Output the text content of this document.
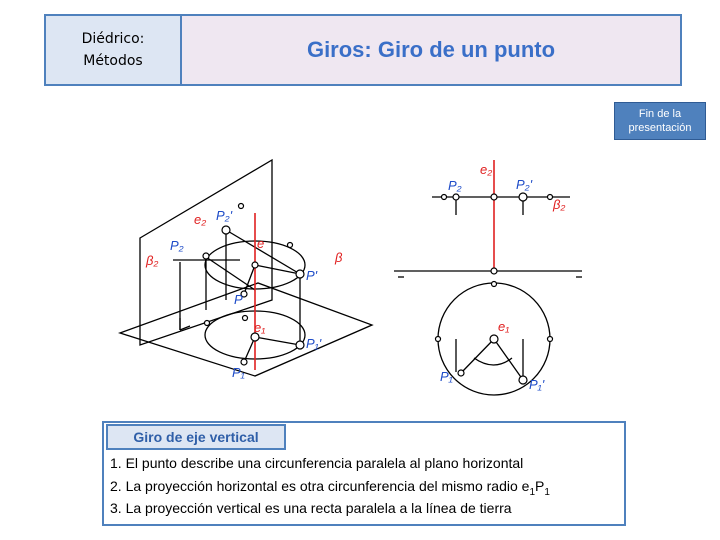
Diédrico:
Métodos	Giros: Giro de un punto
Fin de la
presentación
e₂ P₂'
P₂
β₂
e
P'
P
β
e₁
P₁'
P₁
e₂
P₂	P₂'
β₂
e₁
P₁
P₁'
Giro de eje vertical
1. El punto describe una circunferencia paralela al plano horizontal
2. La proyección horizontal es otra circunferencia del mismo radio $e_1P_1$
3. La proyección vertical es una recta paralela a la línea de tierra
